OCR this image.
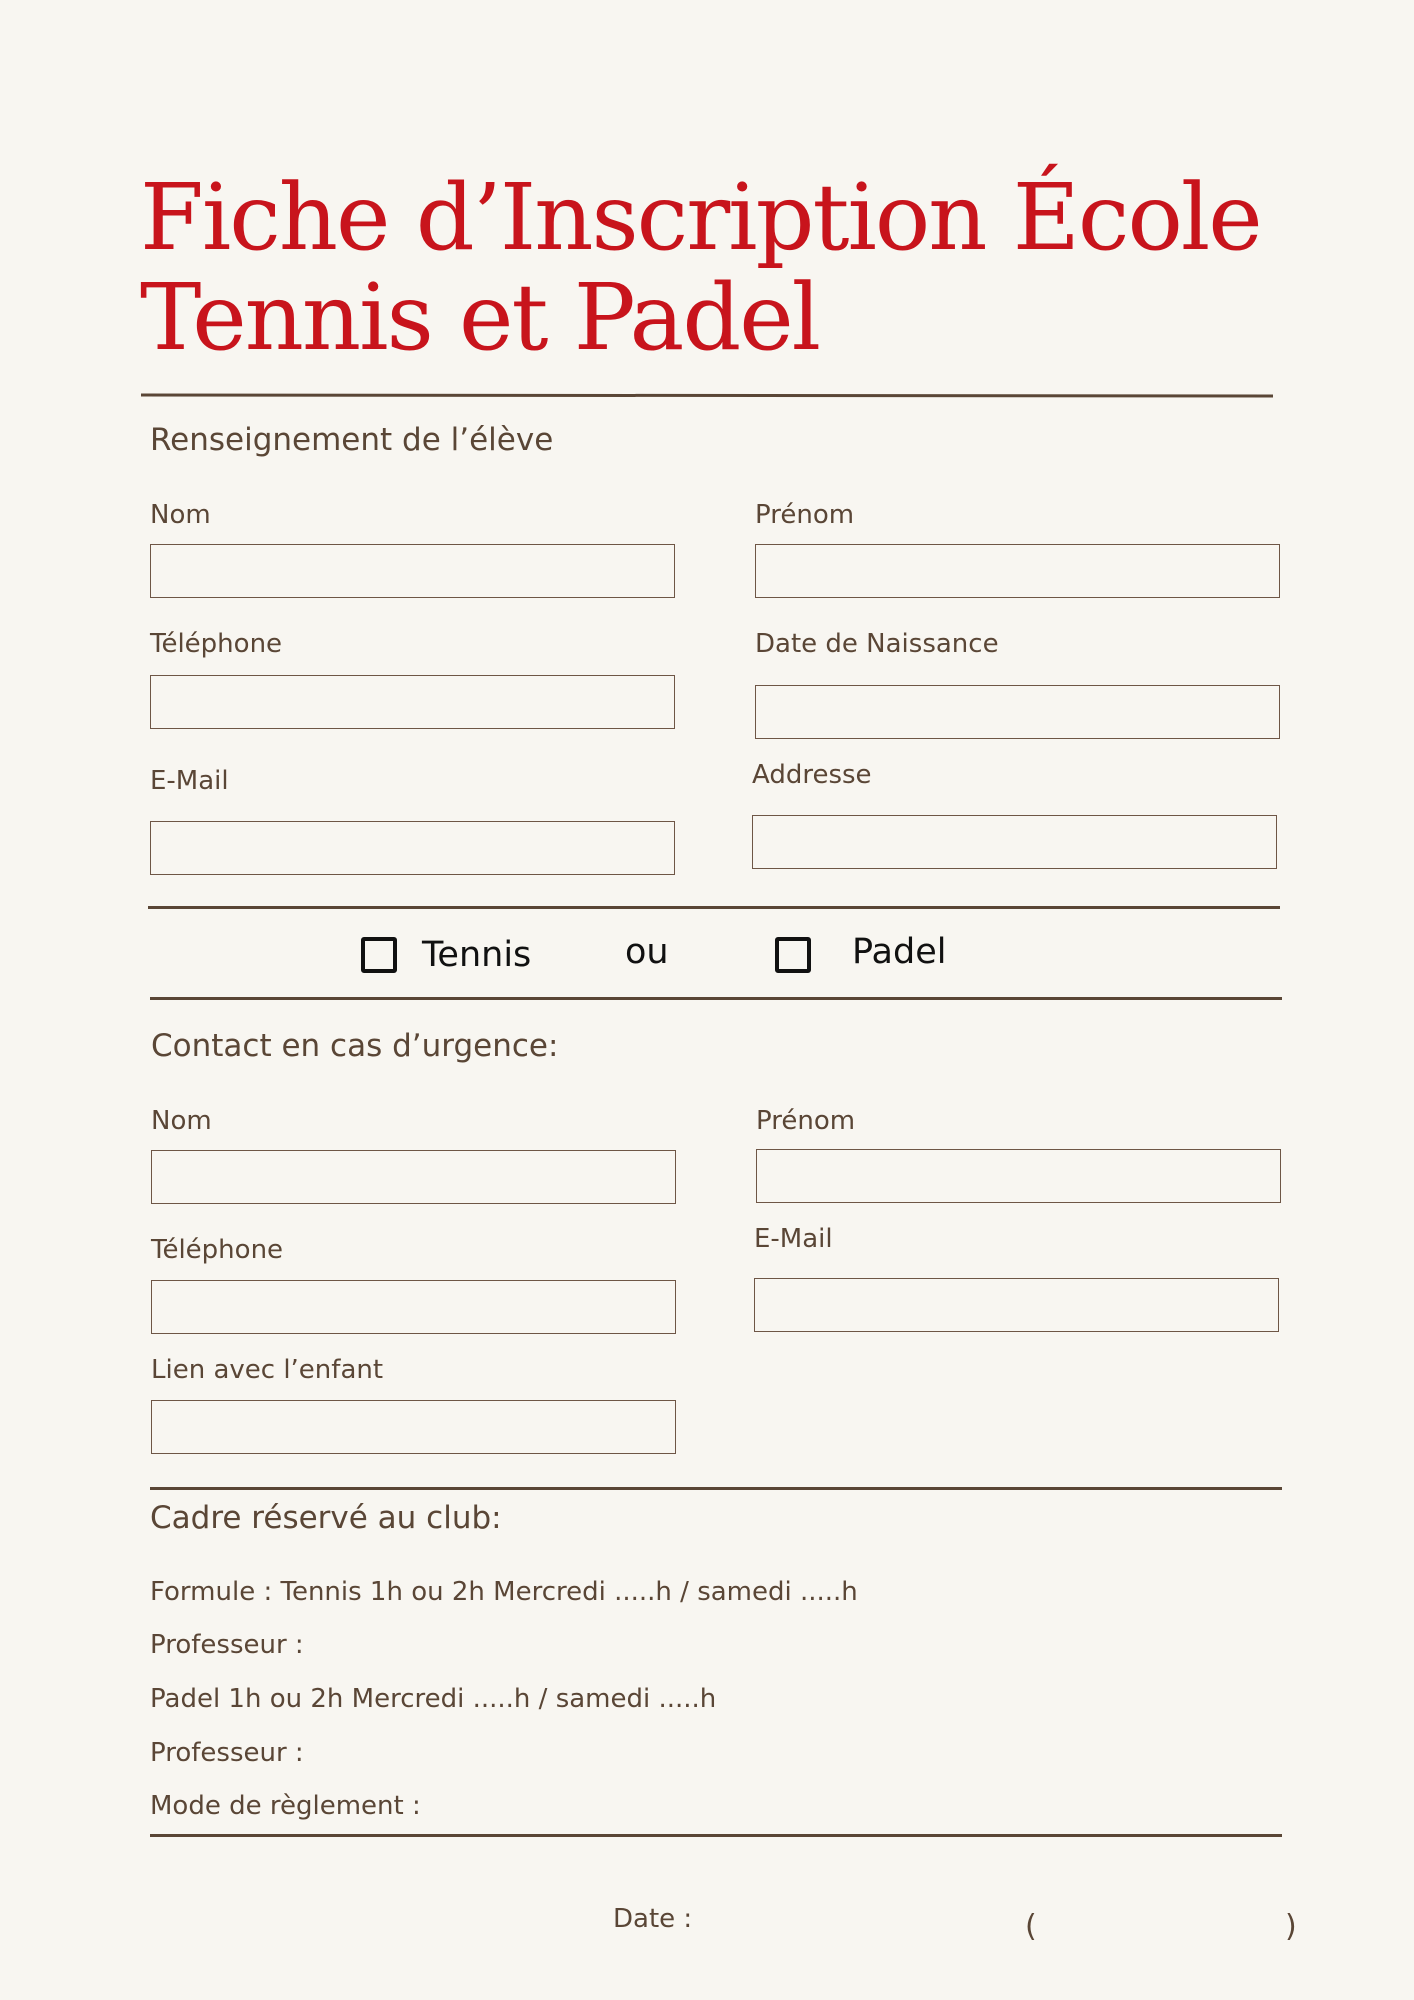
Fiche d’Inscription École
Tennis et Padel
Renseignement de l’élève
Nom	Prénom
Téléphone	Date de Naissance
E-Mail	Addresse
Tennis	ou	Padel
Contact en cas d’urgence:
Nom	Prénom
Téléphone	E-Mail
Lien avec l’enfant
Cadre réservé au club:
Formule : Tennis 1h ou 2h Mercredi .....h / samedi .....h
Professeur :
Padel 1h ou 2h Mercredi .....h / samedi .....h
Professeur :
Mode de règlement :
Date :	(	)
